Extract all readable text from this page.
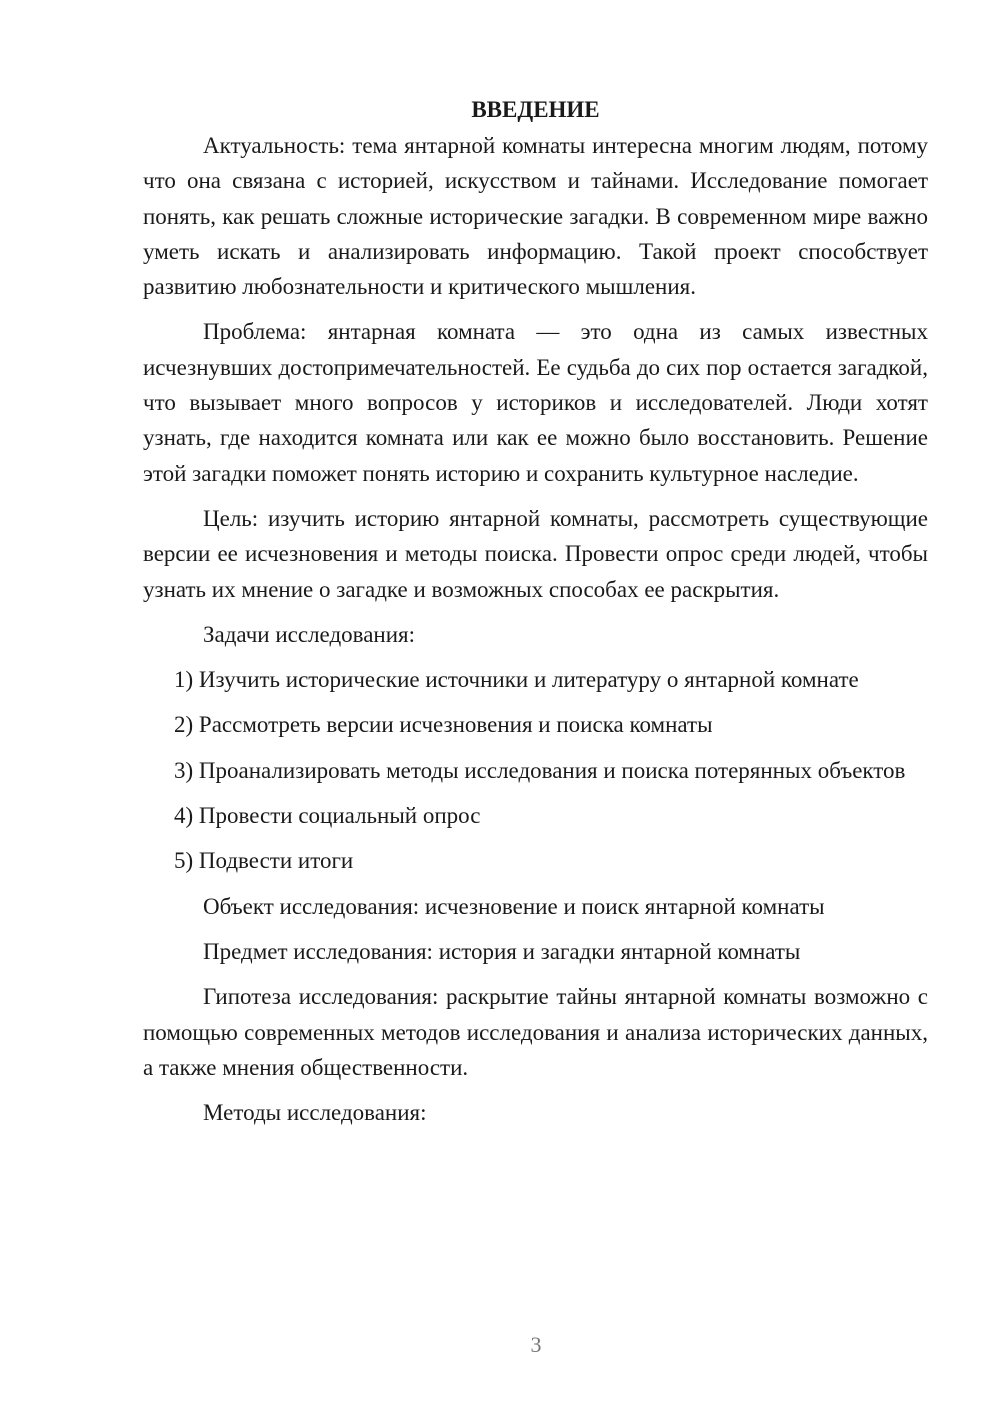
ВВЕДЕНИЕ

Актуальность: тема янтарной комнаты интересна многим людям, потому что она связана с историей, искусством и тайнами. Исследование помогает понять, как решать сложные исторические загадки. В современном мире важно уметь искать и анализировать информацию. Такой проект способствует развитию любознательности и критического мышления.

Проблема: янтарная комната — это одна из самых известных исчезнувших достопримечательностей. Ее судьба до сих пор остается загадкой, что вызывает много вопросов у историков и исследователей. Люди хотят узнать, где находится комната или как ее можно было восстановить. Решение этой загадки поможет понять историю и сохранить культурное наследие.

Цель: изучить историю янтарной комнаты, рассмотреть существующие версии ее исчезновения и методы поиска. Провести опрос среди людей, чтобы узнать их мнение о загадке и возможных способах ее раскрытия.

Задачи исследования:

1) Изучить исторические источники и литературу о янтарной комнате

2) Рассмотреть версии исчезновения и поиска комнаты

3) Проанализировать методы исследования и поиска потерянных объектов

4) Провести социальный опрос

5) Подвести итоги

Объект исследования: исчезновение и поиск янтарной комнаты

Предмет исследования: история и загадки янтарной комнаты

Гипотеза исследования: раскрытие тайны янтарной комнаты возможно с помощью современных методов исследования и анализа исторических данных, а также мнения общественности.

Методы исследования:

3
